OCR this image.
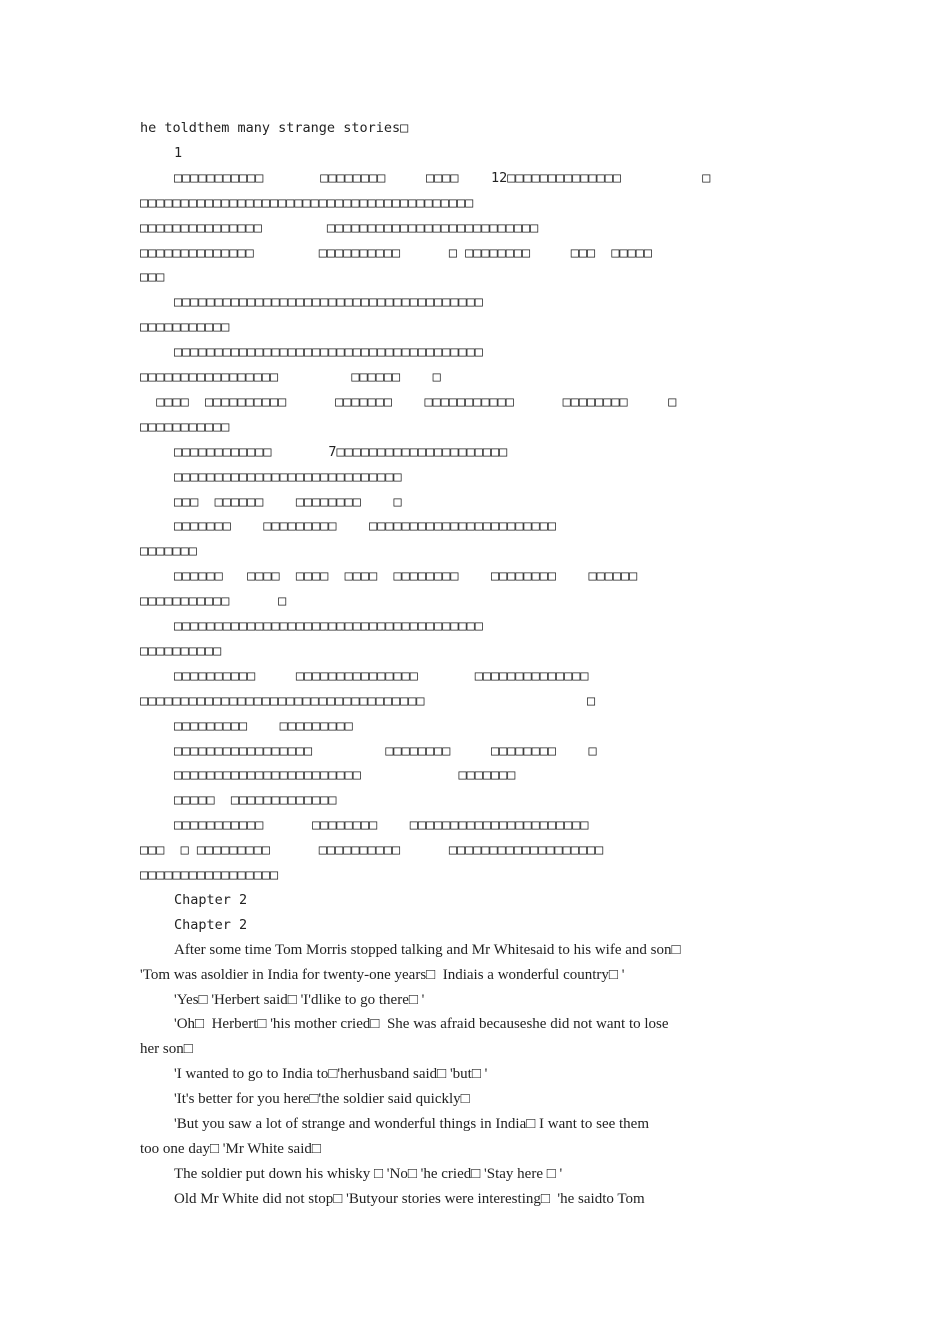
he toldthem many strange stories□
1
□□□□□□□□□□□       □□□□□□□□     □□□□    12□□□□□□□□□□□□□□          □
□□□□□□□□□□□□□□□□□□□□□□□□□□□□□□□□□□□□□□□□□
□□□□□□□□□□□□□□□        □□□□□□□□□□□□□□□□□□□□□□□□□□
□□□□□□□□□□□□□□        □□□□□□□□□□      □ □□□□□□□□     □□□  □□□□□
□□□
□□□□□□□□□□□□□□□□□□□□□□□□□□□□□□□□□□□□□□
□□□□□□□□□□□
□□□□□□□□□□□□□□□□□□□□□□□□□□□□□□□□□□□□□□
□□□□□□□□□□□□□□□□□         □□□□□□    □
□□□□  □□□□□□□□□□      □□□□□□□    □□□□□□□□□□□      □□□□□□□□     □
□□□□□□□□□□□
□□□□□□□□□□□□       7□□□□□□□□□□□□□□□□□□□□□
□□□□□□□□□□□□□□□□□□□□□□□□□□□□
□□□  □□□□□□    □□□□□□□□    □
□□□□□□□    □□□□□□□□□    □□□□□□□□□□□□□□□□□□□□□□□
□□□□□□□
□□□□□□   □□□□  □□□□  □□□□  □□□□□□□□    □□□□□□□□    □□□□□□
□□□□□□□□□□□      □
□□□□□□□□□□□□□□□□□□□□□□□□□□□□□□□□□□□□□□
□□□□□□□□□□
□□□□□□□□□□     □□□□□□□□□□□□□□□       □□□□□□□□□□□□□□
□□□□□□□□□□□□□□□□□□□□□□□□□□□□□□□□□□□                    □
□□□□□□□□□    □□□□□□□□□
□□□□□□□□□□□□□□□□□         □□□□□□□□     □□□□□□□□    □
□□□□□□□□□□□□□□□□□□□□□□□            □□□□□□□
□□□□□  □□□□□□□□□□□□□
□□□□□□□□□□□      □□□□□□□□    □□□□□□□□□□□□□□□□□□□□□□
□□□  □ □□□□□□□□□      □□□□□□□□□□      □□□□□□□□□□□□□□□□□□□
□□□□□□□□□□□□□□□□□
Chapter 2
Chapter 2
After some time Tom Morris stopped talking and Mr Whitesaid to his wife and son□
'Tom was asoldier in India for twenty-one years□  Indiais a wonderful country□ '
'Yes□ 'Herbert said□ 'I'dlike to go there□ '
'Oh□  Herbert□ 'his mother cried□  She was afraid becauseshe did not want to lose
her son□
'I wanted to go to India to□'herhusband said□ 'but□ '
'It's better for you here□'the soldier said quickly□
'But you saw a lot of strange and wonderful things in India□ I want to see them
too one day□ 'Mr White said□
The soldier put down his whisky □ 'No□ 'he cried□ 'Stay here □ '
Old Mr White did not stop□ 'Butyour stories were interesting□  'he saidto Tom
